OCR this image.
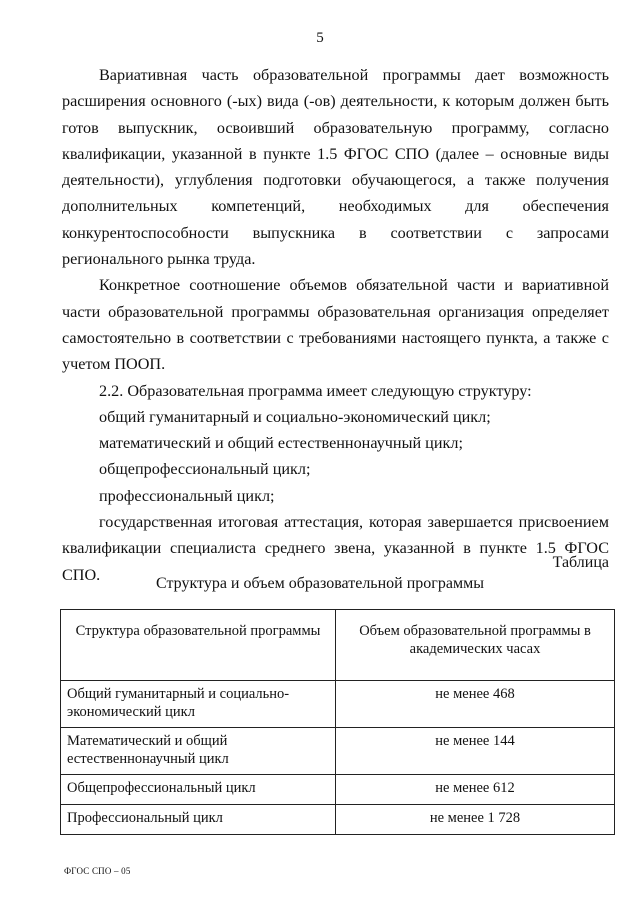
5

Вариативная часть образовательной программы дает возможность расширения основного (-ых) вида (-ов) деятельности, к которым должен быть готов выпускник, освоивший образовательную программу, согласно квалификации, указанной в пункте 1.5 ФГОС СПО (далее – основные виды деятельности), углубления подготовки обучающегося, а также получения дополнительных компетенций, необходимых для обеспечения конкурентоспособности выпускника в соответствии с запросами регионального рынка труда.

Конкретное соотношение объемов обязательной части и вариативной части образовательной программы образовательная организация определяет самостоятельно в соответствии с требованиями настоящего пункта, а также с учетом ПООП.

2.2. Образовательная программа имеет следующую структуру:

общий гуманитарный и социально-экономический цикл;

математический и общий естественнонаучный цикл;

общепрофессиональный цикл;

профессиональный цикл;

государственная итоговая аттестация, которая завершается присвоением квалификации специалиста среднего звена, указанной в пункте 1.5 ФГОС СПО.

Таблица
Структура и объем образовательной программы
Структура образовательной программы	Объем образовательной программы в академических часах
Общий гуманитарный и социально-экономический цикл	не менее 468
Математический и общий естественнонаучный цикл	не менее 144
Общепрофессиональный цикл	не менее 612
Профессиональный цикл	не менее 1 728
ФГОС СПО – 05
